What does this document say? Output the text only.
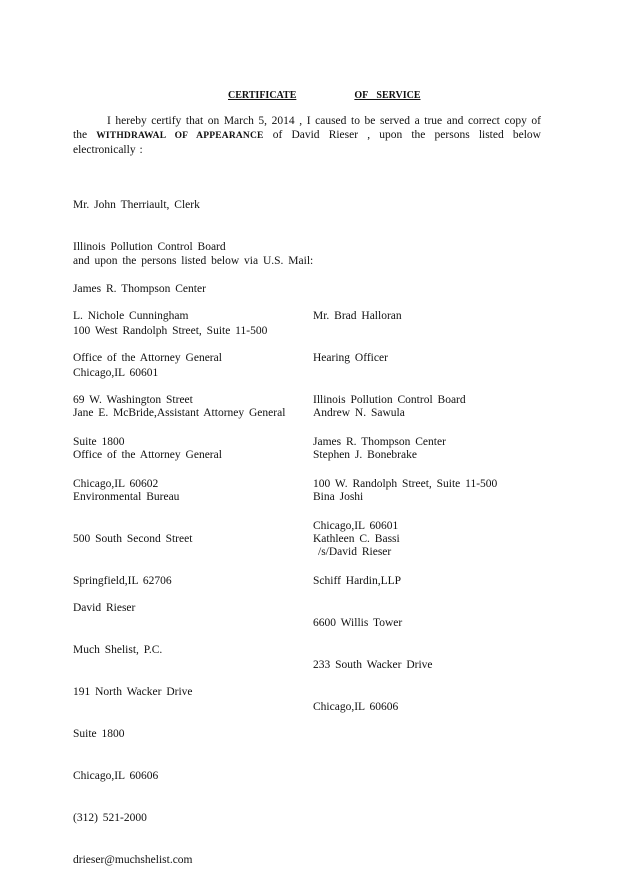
CERTIFICATE	OF SERVICE
I hereby certify that on March 5, 2014 , I caused to be served a true and correct copy of the WITHDRAWAL OF APPEARANCE of David Rieser , upon the persons listed below electronically :

Mr. John Therriault, Clerk

Illinois Pollution Control Board

James R. Thompson Center

100 West Randolph Street, Suite 11-500

Chicago,IL 60601

and upon the persons listed below via U.S. Mail:

L. Nichole Cunningham

Office of the Attorney General

69 W. Washington Street

Suite 1800

Chicago,IL 60602

Mr. Brad Halloran

Hearing Officer

Illinois Pollution Control Board

James R. Thompson Center

100 W. Randolph Street, Suite 11-500

Chicago,IL 60601

Jane E. McBride,Assistant Attorney General

Office of the Attorney General

Environmental Bureau

500 South Second Street

Springfield,IL 62706

Andrew N. Sawula

Stephen J. Bonebrake

Bina Joshi

Kathleen C. Bassi

Schiff Hardin,LLP

6600 Willis Tower

233 South Wacker Drive

Chicago,IL 60606

/s/David Rieser

David Rieser

Much Shelist, P.C.

191 North Wacker Drive

Suite 1800

Chicago,IL 60606

(312) 521-2000

drieser@muchshelist.com
